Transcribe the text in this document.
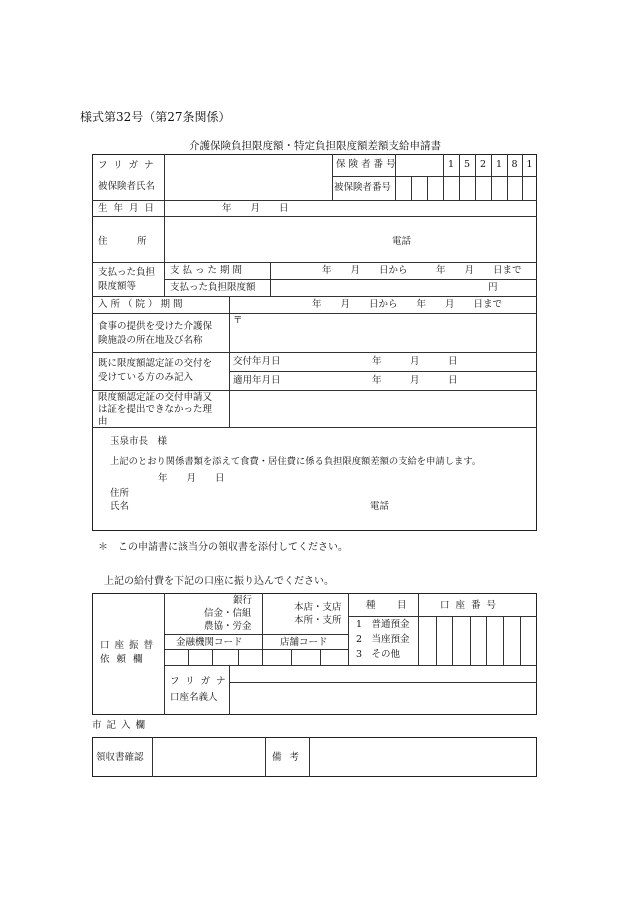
様式第32号（第27条関係）
介護保険負担限度額・特定負担限度額差額支給申請書
フリガナ
被保険者氏名
保険者番号	1	5	2	1 8 1
被保険者番号
生年月日	年　　月　　日
住　所	電話
支払った負担
限度額等
支払った期間	年　　月　　日から　　　年　　月　　日まで
支払った負担限度額	円
入所（院）期間	年　　月　　日から　　年　　月　　日まで
食事の提供を受けた介護保
険施設の所在地及び名称
〒
既に限度額認定証の交付を
受けている方のみ記入
交付年月日	年　　　月　　　日
適用年月日	年　　　月　　　日
限度額認定証の交付申請又
は証を提出できなかった理
由
玉泉市長　様
上記のとおり関係書類を添えて食費・居住費に係る負担限度額差額の支給を申請します。
年　　月　　日
住所
氏名	電話
＊　この申請書に該当分の領収書を添付してください。
上記の給付費を下記の口座に振り込んでください。
口座振替
依頼欄
銀行
信金・信組
農協・労金
本店・支店
本所・支所
種　目	口座番号
1　普通預金
2　当座預金
3　その他
金融機関コード	店舗コード
フリガナ
口座名義人
市記入欄
領収書確認	備考
